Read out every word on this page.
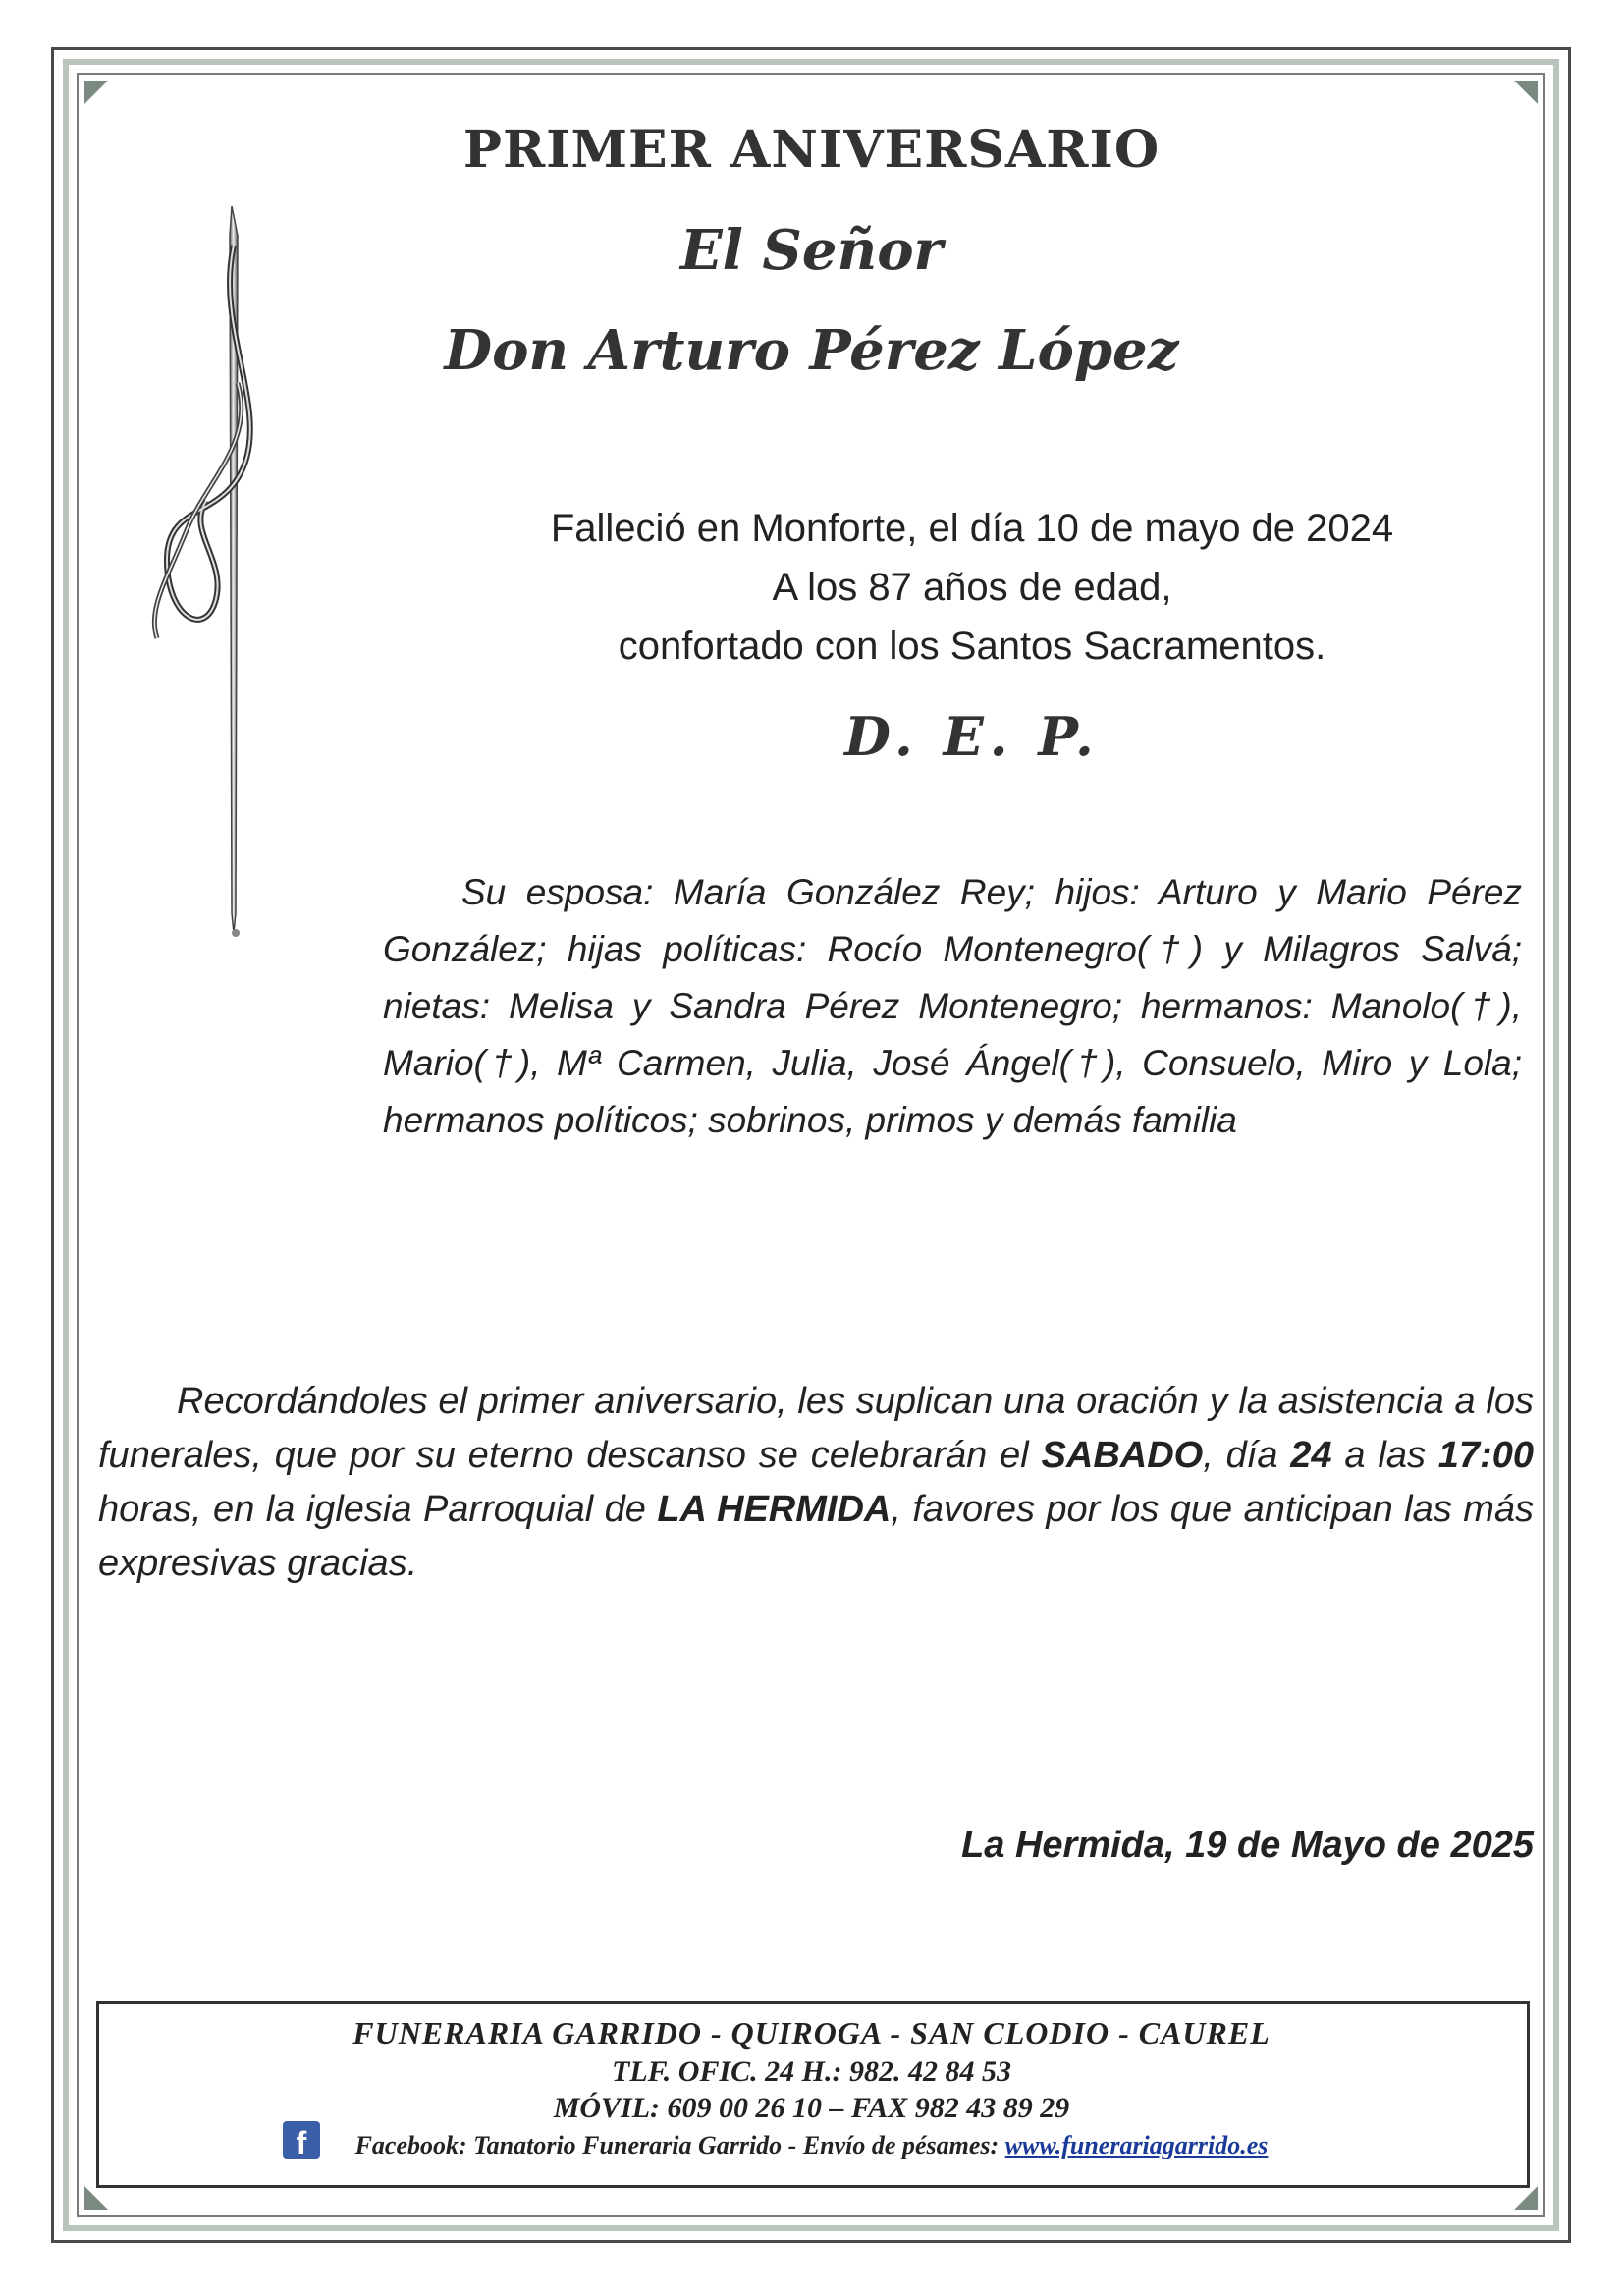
PRIMER ANIVERSARIO
El Señor
Don Arturo Pérez López
Falleció en Monforte, el día 10 de mayo de 2024
A los 87 años de edad,
confortado con los Santos Sacramentos.
D. E. P.
Su esposa: María González Rey; hijos: Arturo y Mario Pérez González; hijas políticas: Rocío Montenegro(†) y Milagros Salvá; nietas: Melisa y Sandra Pérez Montenegro; hermanos: Manolo(†), Mario(†), Mª Carmen, Julia, José Ángel(†), Consuelo, Miro y Lola; hermanos políticos; sobrinos, primos y demás familia
Recordándoles el primer aniversario, les suplican una oración y la asistencia a los funerales, que por su eterno descanso se celebrarán el SABADO, día 24 a las 17:00 horas, en la iglesia Parroquial de LA HERMIDA, favores por los que anticipan las más expresivas gracias.
La Hermida, 19 de Mayo de 2025
FUNERARIA GARRIDO - QUIROGA - SAN CLODIO - CAUREL
TLF. OFIC. 24 H.: 982. 42 84 53
MÓVIL: 609 00 26 10 – FAX 982 43 89 29
f	Facebook: Tanatorio Funeraria Garrido - Envío de pésames: www.funerariagarrido.es
